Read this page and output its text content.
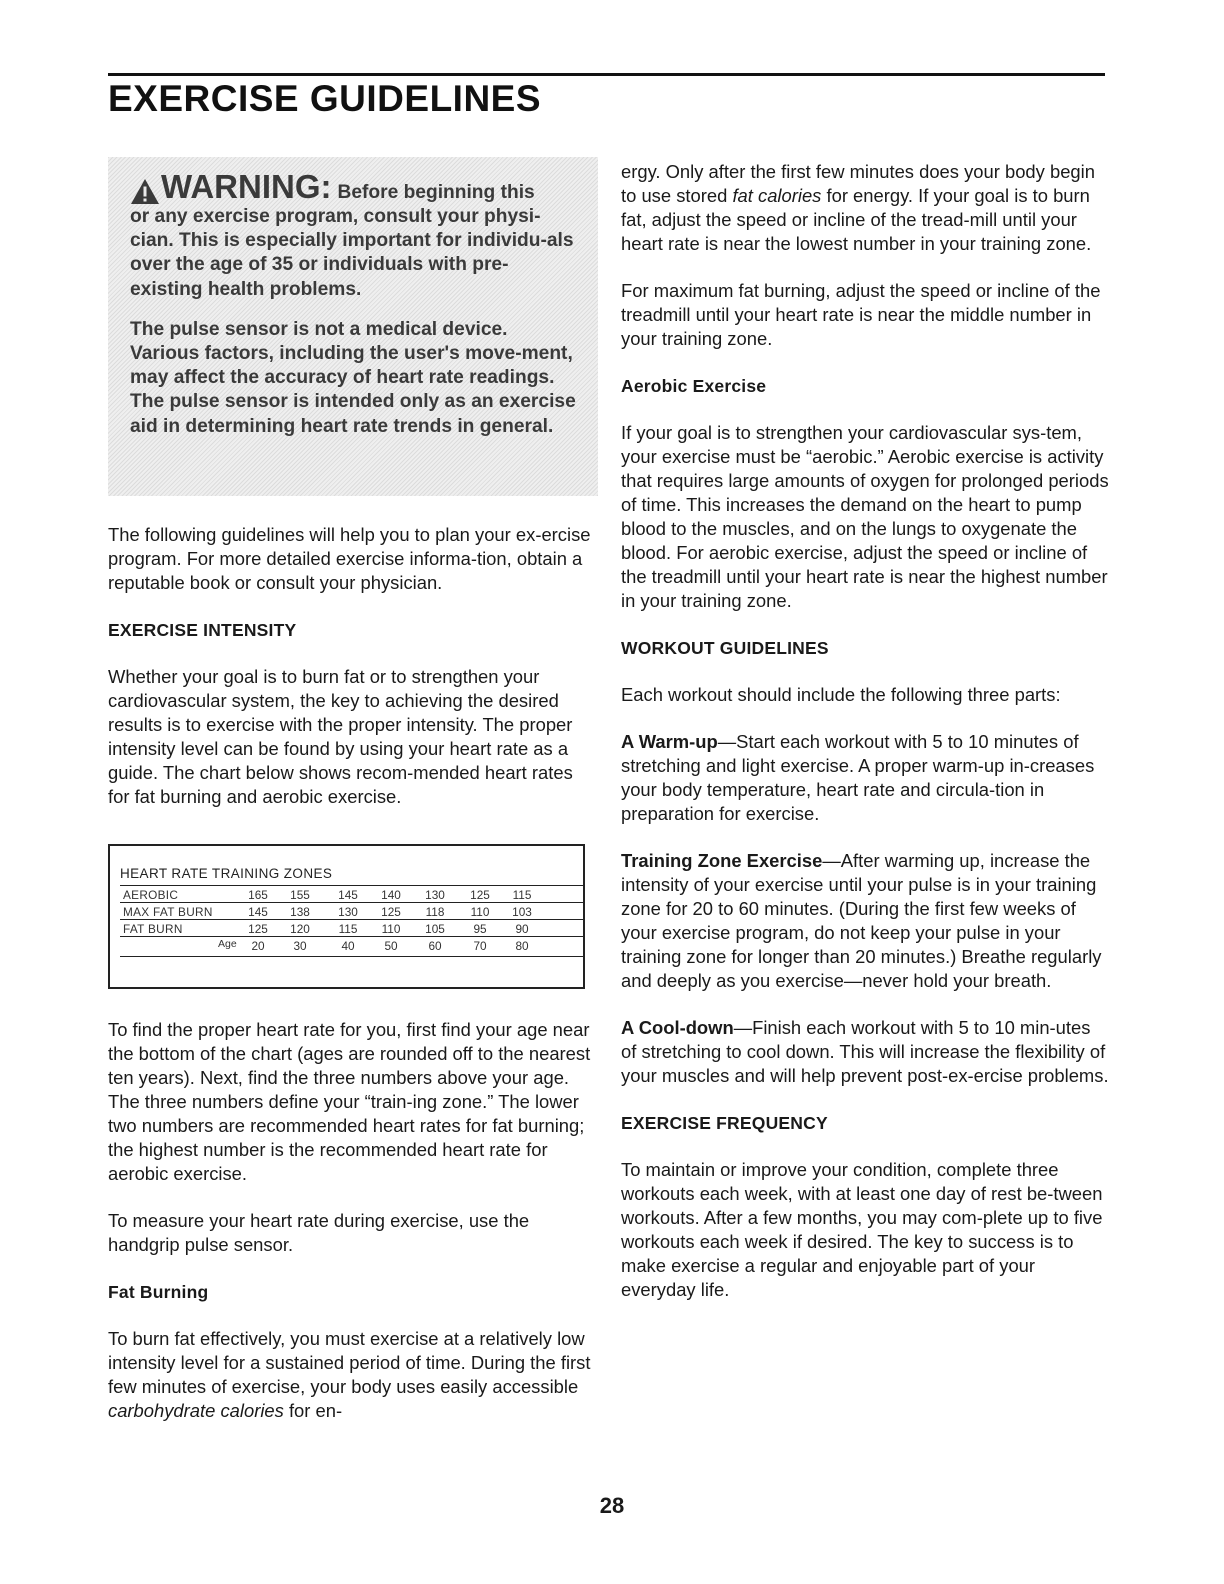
EXERCISE GUIDELINES
WARNING: Before beginning this
or any exercise program, consult your physi-cian. This is especially important for individu-als over the age of 35 or individuals with pre-existing health problems.
The pulse sensor is not a medical device. Various factors, including the user's move-ment, may affect the accuracy of heart rate readings. The pulse sensor is intended only as an exercise aid in determining heart rate trends in general.

The following guidelines will help you to plan your ex-ercise program. For more detailed exercise informa-tion, obtain a reputable book or consult your physician.

EXERCISE INTENSITY

Whether your goal is to burn fat or to strengthen your cardiovascular system, the key to achieving the desired results is to exercise with the proper intensity. The proper intensity level can be found by using your heart rate as a guide. The chart below shows recom-mended heart rates for fat burning and aerobic exercise.

HEART RATE TRAINING ZONES
AEROBIC	165	155	145	140	130	125	115
MAX FAT BURN	145	138	130	125	118	110	103
FAT BURN	125	120	115	110	105	95	90
Age	20	30	40	50	60	70	80

To find the proper heart rate for you, first find your age near the bottom of the chart (ages are rounded off to the nearest ten years). Next, find the three numbers above your age. The three numbers define your “train-ing zone.” The lower two numbers are recommended heart rates for fat burning; the highest number is the recommended heart rate for aerobic exercise.

To measure your heart rate during exercise, use the handgrip pulse sensor.

Fat Burning

To burn fat effectively, you must exercise at a relatively low intensity level for a sustained period of time. During the first few minutes of exercise, your body uses easily accessible carbohydrate calories for en-

ergy. Only after the first few minutes does your body begin to use stored fat calories for energy. If your goal is to burn fat, adjust the speed or incline of the tread-mill until your heart rate is near the lowest number in your training zone.

For maximum fat burning, adjust the speed or incline of the treadmill until your heart rate is near the middle number in your training zone.

Aerobic Exercise

If your goal is to strengthen your cardiovascular sys-tem, your exercise must be “aerobic.” Aerobic exercise is activity that requires large amounts of oxygen for prolonged periods of time. This increases the demand on the heart to pump blood to the muscles, and on the lungs to oxygenate the blood. For aerobic exercise, adjust the speed or incline of the treadmill until your heart rate is near the highest number in your training zone.

WORKOUT GUIDELINES

Each workout should include the following three parts:

A Warm-up—Start each workout with 5 to 10 minutes of stretching and light exercise. A proper warm-up in-creases your body temperature, heart rate and circula-tion in preparation for exercise.

Training Zone Exercise—After warming up, increase the intensity of your exercise until your pulse is in your training zone for 20 to 60 minutes. (During the first few weeks of your exercise program, do not keep your pulse in your training zone for longer than 20 minutes.) Breathe regularly and deeply as you exercise—never hold your breath.

A Cool-down—Finish each workout with 5 to 10 min-utes of stretching to cool down. This will increase the flexibility of your muscles and will help prevent post-ex-ercise problems.

EXERCISE FREQUENCY

To maintain or improve your condition, complete three workouts each week, with at least one day of rest be-tween workouts. After a few months, you may com-plete up to five workouts each week if desired. The key to success is to make exercise a regular and enjoyable part of your everyday life.

28
